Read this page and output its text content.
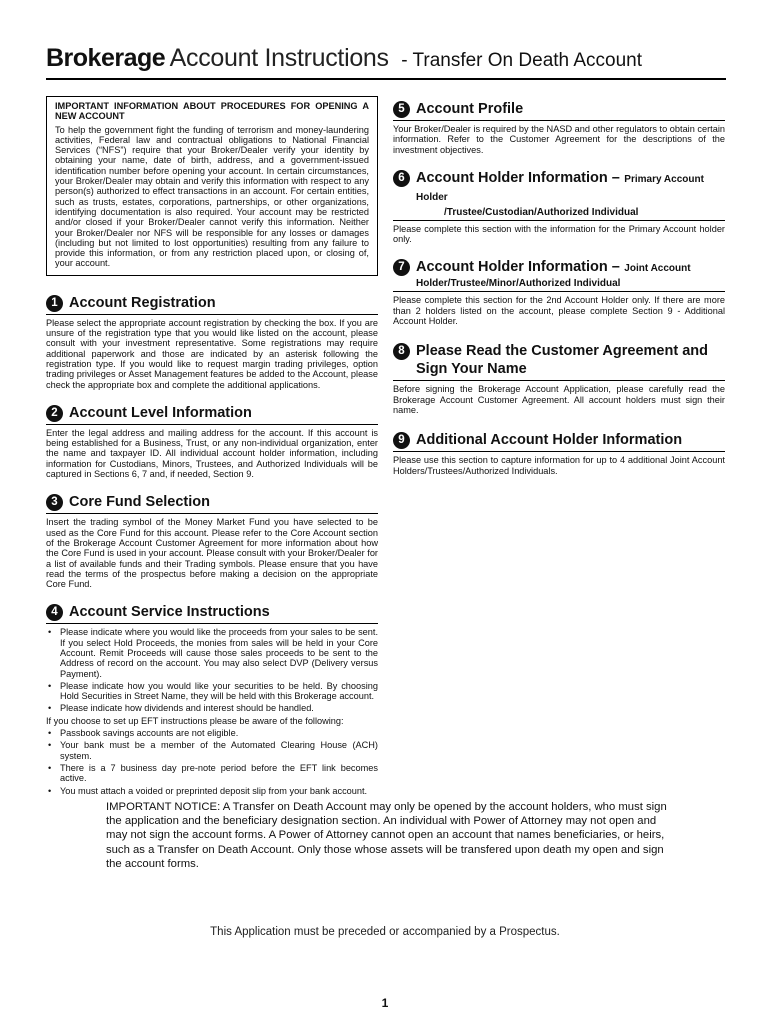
Brokerage Account Instructions - Transfer On Death Account
IMPORTANT INFORMATION ABOUT PROCEDURES FOR OPENING A NEW ACCOUNT
To help the government fight the funding of terrorism and money-laundering activities, Federal law and contractual obligations to National Financial Services (“NFS”) require that your Broker/Dealer verify your identity by obtaining your name, date of birth, address, and a government-issued identification number before opening your account. In certain circumstances, your Broker/Dealer may obtain and verify this information with respect to any person(s) authorized to effect transactions in an account. For certain entities, such as trusts, estates, corporations, partnerships, or other organizations, identifying documentation is also required. Your account may be restricted and/or closed if your Broker/Dealer cannot verify this information. Neither your Broker/Dealer nor NFS will be responsible for any losses or damages (including but not limited to lost opportunities) resulting from any failure to provide this information, or from any restriction placed upon, or closing of, your account.
1 Account Registration
Please select the appropriate account registration by checking the box. If you are unsure of the registration type that you would like listed on the account, please consult with your investment representative. Some registrations may require additional paperwork and those are indicated by an asterisk following the registration type. If you would like to request margin trading privileges, option trading privileges or Asset Management features be added to the Account, please check the appropriate box and complete the additional applications.
2 Account Level Information
Enter the legal address and mailing address for the account. If this account is being established for a Business, Trust, or any non-individual organization, enter the name and taxpayer ID. All individual account holder information, including information for Custodians, Minors, Trustees, and Authorized Individuals will be captured in Sections 6, 7 and, if needed, Section 9.
3 Core Fund Selection
Insert the trading symbol of the Money Market Fund you have selected to be used as the Core Fund for this account. Please refer to the Core Account section of the Brokerage Account Customer Agreement for more information about how the Core Fund is used in your account. Please consult with your Broker/Dealer for a list of available funds and their Trading symbols. Please ensure that you have read the terms of the prospectus before making a decision on the appropriate Core Fund.
4 Account Service Instructions
• Please indicate where you would like the proceeds from your sales to be sent. If you select Hold Proceeds, the monies from sales will be held in your Core Account. Remit Proceeds will cause those sales proceeds to be sent to the Address of record on the account. You may also select DVP (Delivery versus Payment).
• Please indicate how you would like your securities to be held. By choosing Hold Securities in Street Name, they will be held with this Brokerage account.
• Please indicate how dividends and interest should be handled.
If you choose to set up EFT instructions please be aware of the following:
• Passbook savings accounts are not eligible.
• Your bank must be a member of the Automated Clearing House (ACH) system.
• There is a 7 business day pre-note period before the EFT link becomes active.
• You must attach a voided or preprinted deposit slip from your bank account.
5 Account Profile
Your Broker/Dealer is required by the NASD and other regulators to obtain certain information. Refer to the Customer Agreement for the descriptions of the investment objectives.
6 Account Holder Information – Primary Account Holder
/Trustee/Custodian/Authorized Individual
Please complete this section with the information for the Primary Account holder only.
7 Account Holder Information – Joint Account
Holder/Trustee/Minor/Authorized Individual
Please complete this section for the 2nd Account Holder only. If there are more than 2 holders listed on the account, please complete Section 9 - Additional Account Holder.
8 Please Read the Customer Agreement and Sign Your Name
Before signing the Brokerage Account Application, please carefully read the Brokerage Account Customer Agreement. All account holders must sign their name.
9 Additional Account Holder Information
Please use this section to capture information for up to 4 additional Joint Account Holders/Trustees/Authorized Individuals.
IMPORTANT NOTICE: A Transfer on Death Account may only be opened by the account holders, who must sign the application and the beneficiary designation section. An individual with Power of Attorney may not open and may not sign the account forms. A Power of Attorney cannot open an account that names beneficiaries, or heirs, such as a Transfer on Death Account. Only those whose assets will be transfered upon death my open and sign the account forms.
This Application must be preceded or accompanied by a Prospectus.
1
